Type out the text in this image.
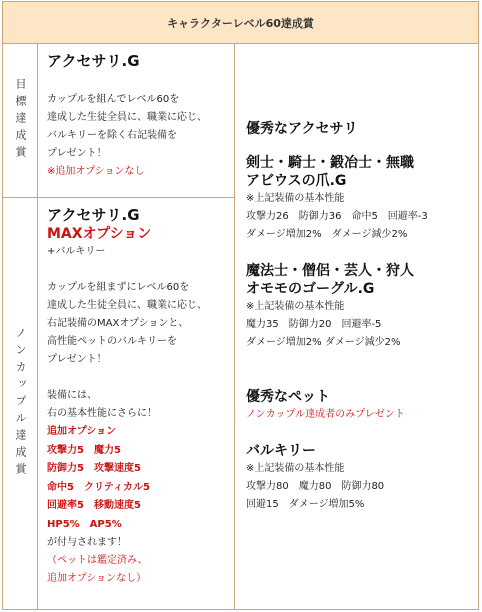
キャラクターレベル60達成賞
目標達成賞
ノンカップル達成賞

アクセサリ.G

カップルを組んでレベル60を

達成した生徒全員に、職業に応じ、

バルキリーを除く右記装備を

プレゼント！

※追加オプションなし

アクセサリ.G

MAXオプション

+バルキリー

カップルを組まずにレベル60を

達成した生徒全員に、職業に応じ、

右記装備のMAXオプションと、

高性能ペットのバルキリーを

プレゼント！

装備には、

右の基本性能にさらに！

追加オプション

攻撃力5　魔力5

防御力5　攻撃速度5

命中5　クリティカル5

回避率5　移動速度5

HP5%　AP5%

が付与されます！

（ペットは鑑定済み、

追加オプションなし）

優秀なアクセサリ

剣士・騎士・鍛冶士・無職

アビウスの爪.G

※上記装備の基本性能

攻撃力26　防御力36　命中5　回避率-3

ダメージ増加2%　ダメージ減少2%

魔法士・僧侶・芸人・狩人

オモモのゴーグル.G

※上記装備の基本性能

魔力35　防御力20　回避率-5

ダメージ増加2% ダメージ減少2%

優秀なペット

ノンカップル達成者のみプレゼント

バルキリー

※上記装備の基本性能

攻撃力80　魔力80　防御力80

回避15　ダメージ増加5%
